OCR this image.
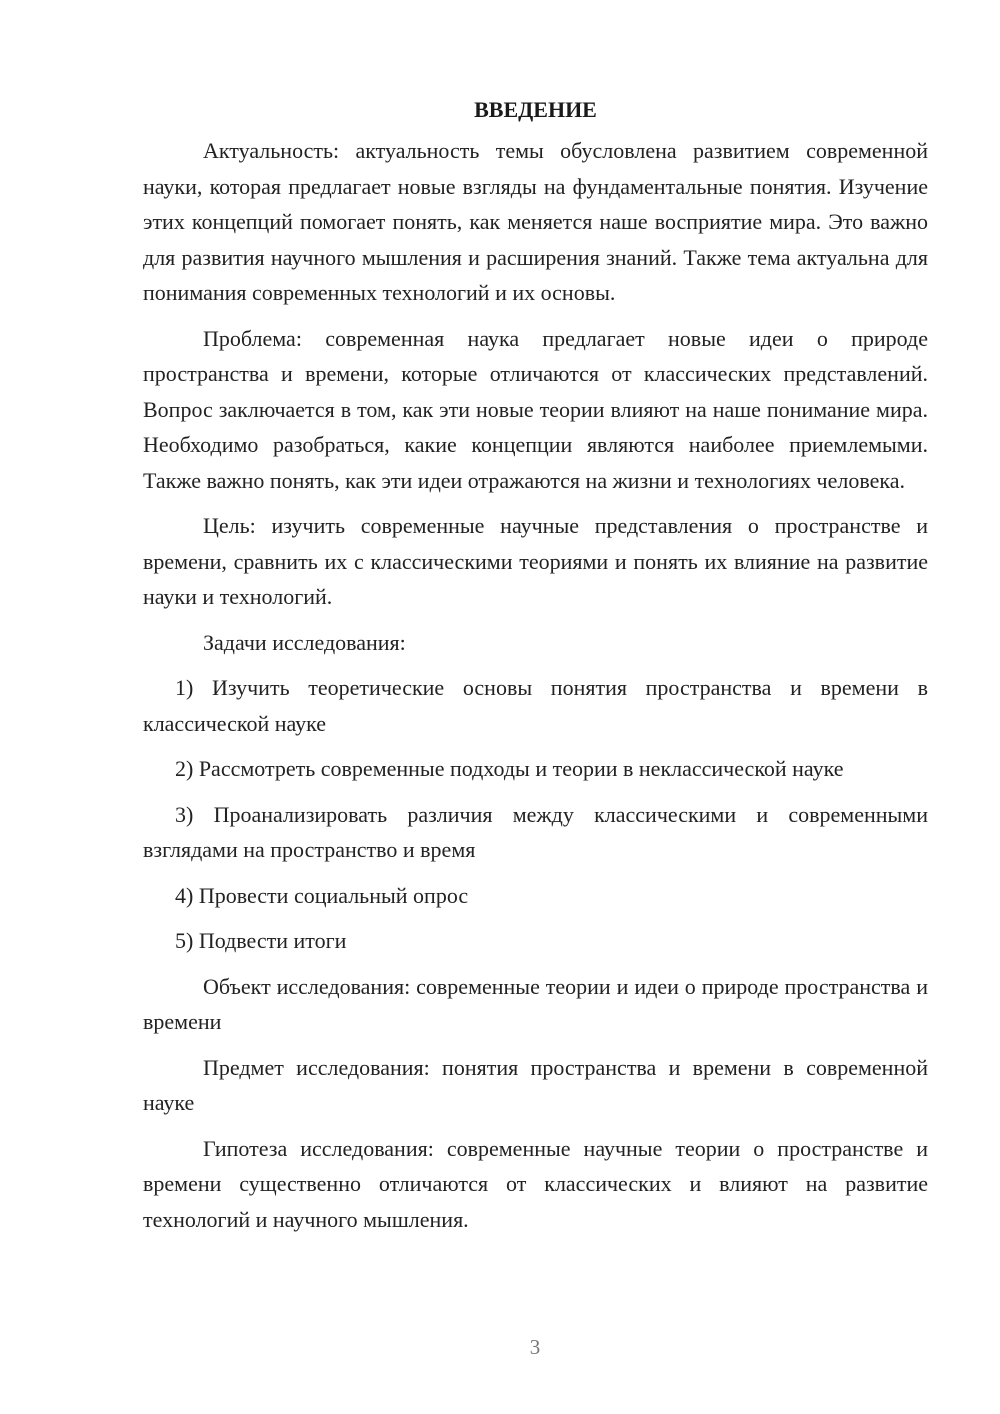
ВВЕДЕНИЕ

Актуальность: актуальность темы обусловлена развитием современной науки, которая предлагает новые взгляды на фундаментальные понятия. Изучение этих концепций помогает понять, как меняется наше восприятие мира. Это важно для развития научного мышления и расширения знаний. Также тема актуальна для понимания современных технологий и их основы.

Проблема: современная наука предлагает новые идеи о природе пространства и времени, которые отличаются от классических представлений. Вопрос заключается в том, как эти новые теории влияют на наше понимание мира. Необходимо разобраться, какие концепции являются наиболее приемлемыми. Также важно понять, как эти идеи отражаются на жизни и технологиях человека.

Цель: изучить современные научные представления о пространстве и времени, сравнить их с классическими теориями и понять их влияние на развитие науки и технологий.

Задачи исследования:

1) Изучить теоретические основы понятия пространства и времени в классической науке

2) Рассмотреть современные подходы и теории в неклассической науке

3) Проанализировать различия между классическими и современными взглядами на пространство и время

4) Провести социальный опрос

5) Подвести итоги

Объект исследования: современные теории и идеи о природе пространства и времени

Предмет исследования: понятия пространства и времени в современной науке

Гипотеза исследования: современные научные теории о пространстве и времени существенно отличаются от классических и влияют на развитие технологий и научного мышления.

3
